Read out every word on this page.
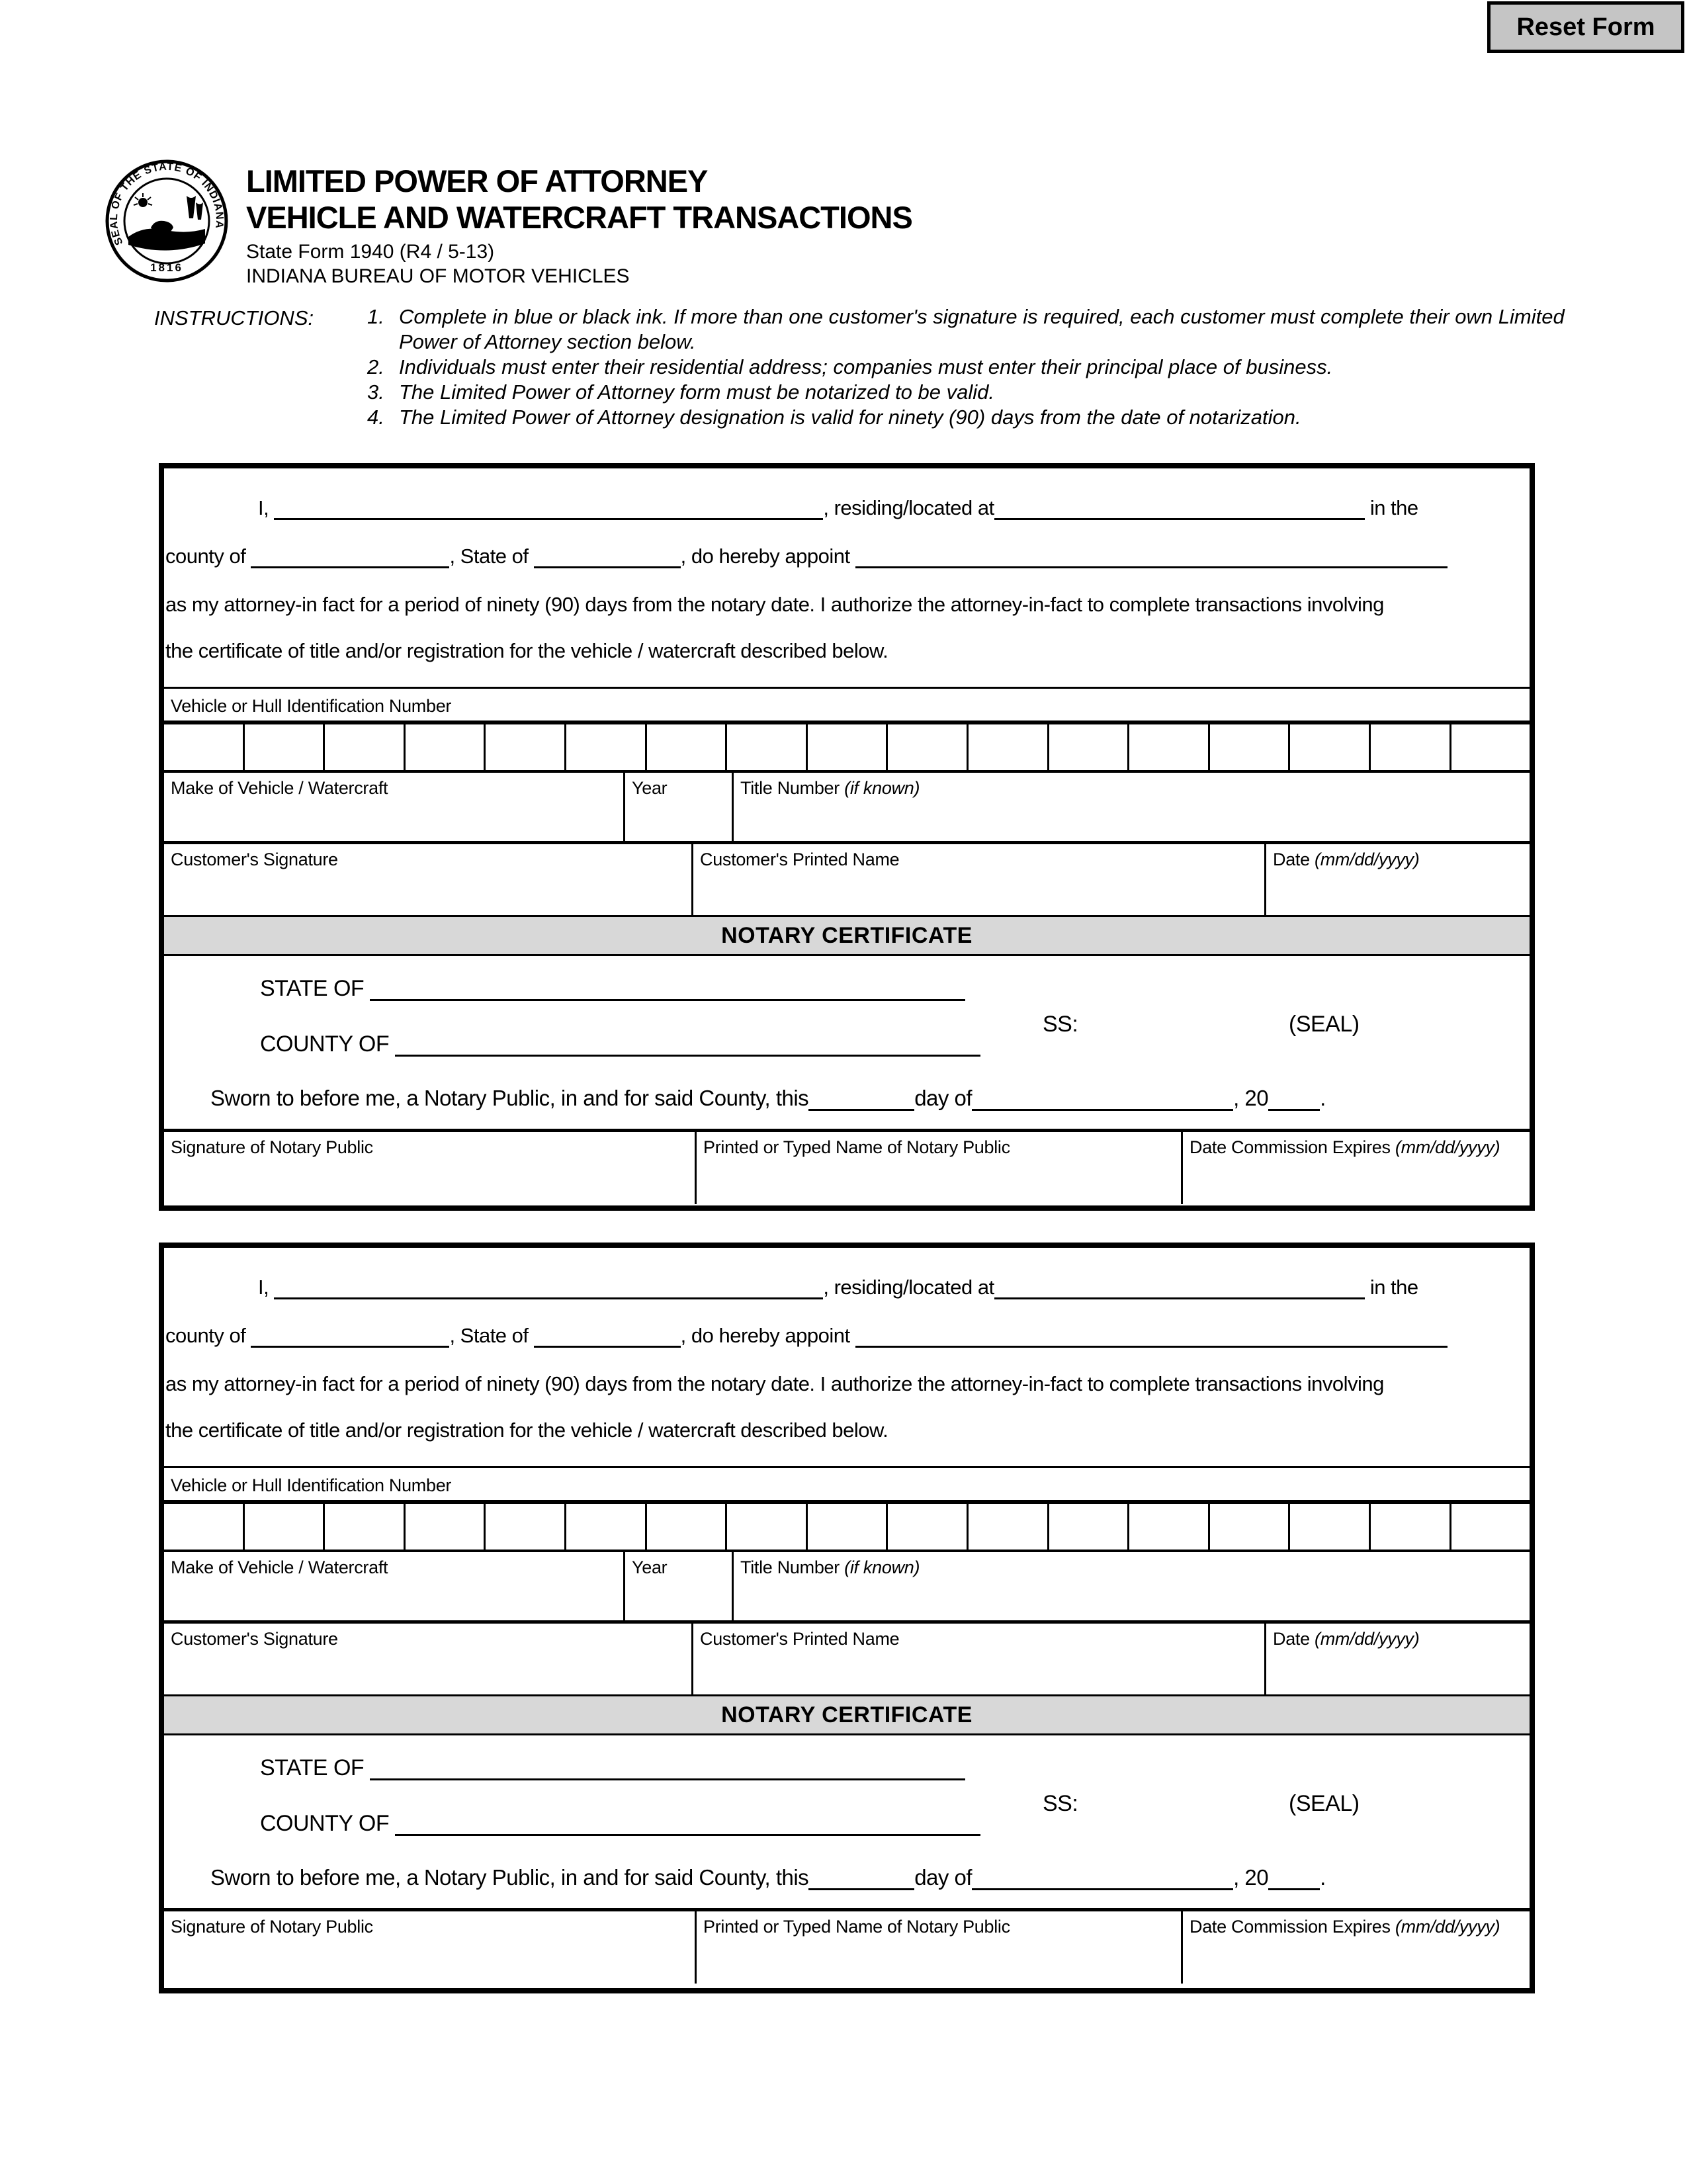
Reset Form
SEAL OF THE STATE OF INDIANA
1816
LIMITED POWER OF ATTORNEY
VEHICLE AND WATERCRAFT TRANSACTIONS
State Form 1940 (R4 / 5-13)
INDIANA BUREAU OF MOTOR VEHICLES
INSTRUCTIONS:	1. Complete in blue or black ink. If more than one customer's signature is required, each customer must complete their own Limited Power of Attorney section below.
2. Individuals must enter their residential address; companies must enter their principal place of business.
3. The Limited Power of Attorney form must be notarized to be valid.
4. The Limited Power of Attorney designation is valid for ninety (90) days from the date of notarization.
I,	, residing/located at	in the
county of	, State of	, do hereby appoint
as my attorney-in fact for a period of ninety (90) days from the notary date. I authorize the attorney-in-fact to complete transactions involving
the certificate of title and/or registration for the vehicle / watercraft described below.
Vehicle or Hull Identification Number
Make of Vehicle / Watercraft	Year	Title Number (if known)
Customer's Signature	Customer's Printed Name	Date (mm/dd/yyyy)
NOTARY CERTIFICATE
STATE OF
SS:	(SEAL)
COUNTY OF
Sworn to before me, a Notary Public, in and for said County, this	day of	, 20 .
Signature of Notary Public	Printed or Typed Name of Notary Public	Date Commission Expires (mm/dd/yyyy)
I,	, residing/located at	in the
county of	, State of	, do hereby appoint
as my attorney-in fact for a period of ninety (90) days from the notary date. I authorize the attorney-in-fact to complete transactions involving
the certificate of title and/or registration for the vehicle / watercraft described below.
Vehicle or Hull Identification Number
Make of Vehicle / Watercraft	Year	Title Number (if known)
Customer's Signature	Customer's Printed Name	Date (mm/dd/yyyy)
NOTARY CERTIFICATE
STATE OF
SS:	(SEAL)
COUNTY OF
Sworn to before me, a Notary Public, in and for said County, this	day of	, 20 .
Signature of Notary Public	Printed or Typed Name of Notary Public	Date Commission Expires (mm/dd/yyyy)
